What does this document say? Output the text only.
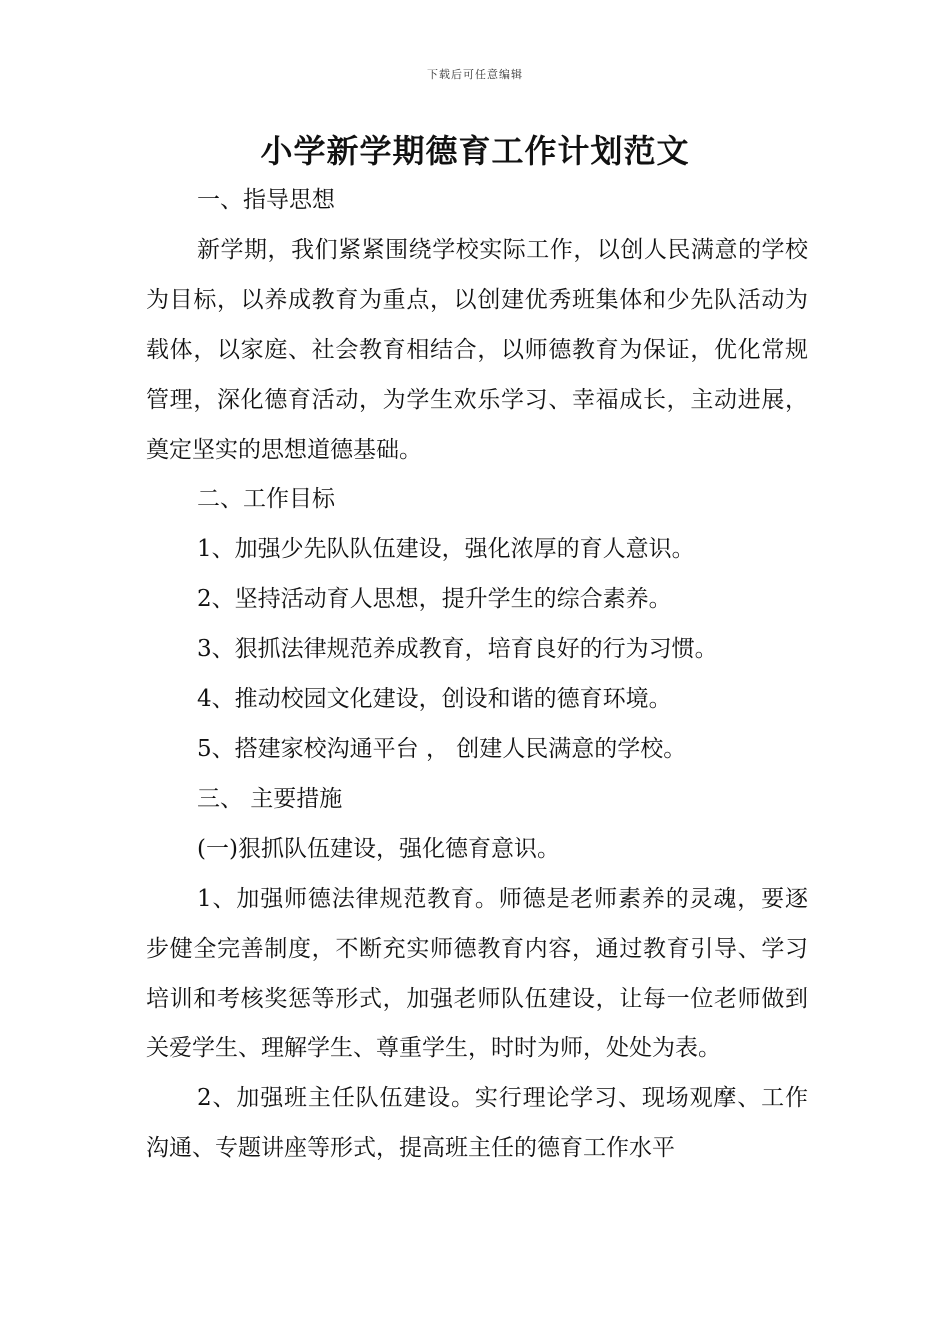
下载后可任意编辑
小学新学期德育工作计划范文

一、指导思想

新学期，我们紧紧围绕学校实际工作，以创人民满意的学校为目标，以养成教育为重点，以创建优秀班集体和少先队活动为载体，以家庭、社会教育相结合，以师德教育为保证，优化常规管理，深化德育活动，为学生欢乐学习、幸福成长，主动进展，奠定坚实的思想道德基础。

二、工作目标

1、加强少先队队伍建设，强化浓厚的育人意识。

2、坚持活动育人思想，提升学生的综合素养。

3、狠抓法律规范养成教育，培育良好的行为习惯。

4、推动校园文化建设，创设和谐的德育环境。

5、搭建家校沟通平台 ， 创建人民满意的学校。

三、 主要措施

(一)狠抓队伍建设，强化德育意识。

1、加强师德法律规范教育。师德是老师素养的灵魂，要逐步健全完善制度，不断充实师德教育内容，通过教育引导、学习培训和考核奖惩等形式，加强老师队伍建设，让每一位老师做到关爱学生、理解学生、尊重学生，时时为师，处处为表。

2、加强班主任队伍建设。实行理论学习、现场观摩、工作沟通、专题讲座等形式，提高班主任的德育工作水平
